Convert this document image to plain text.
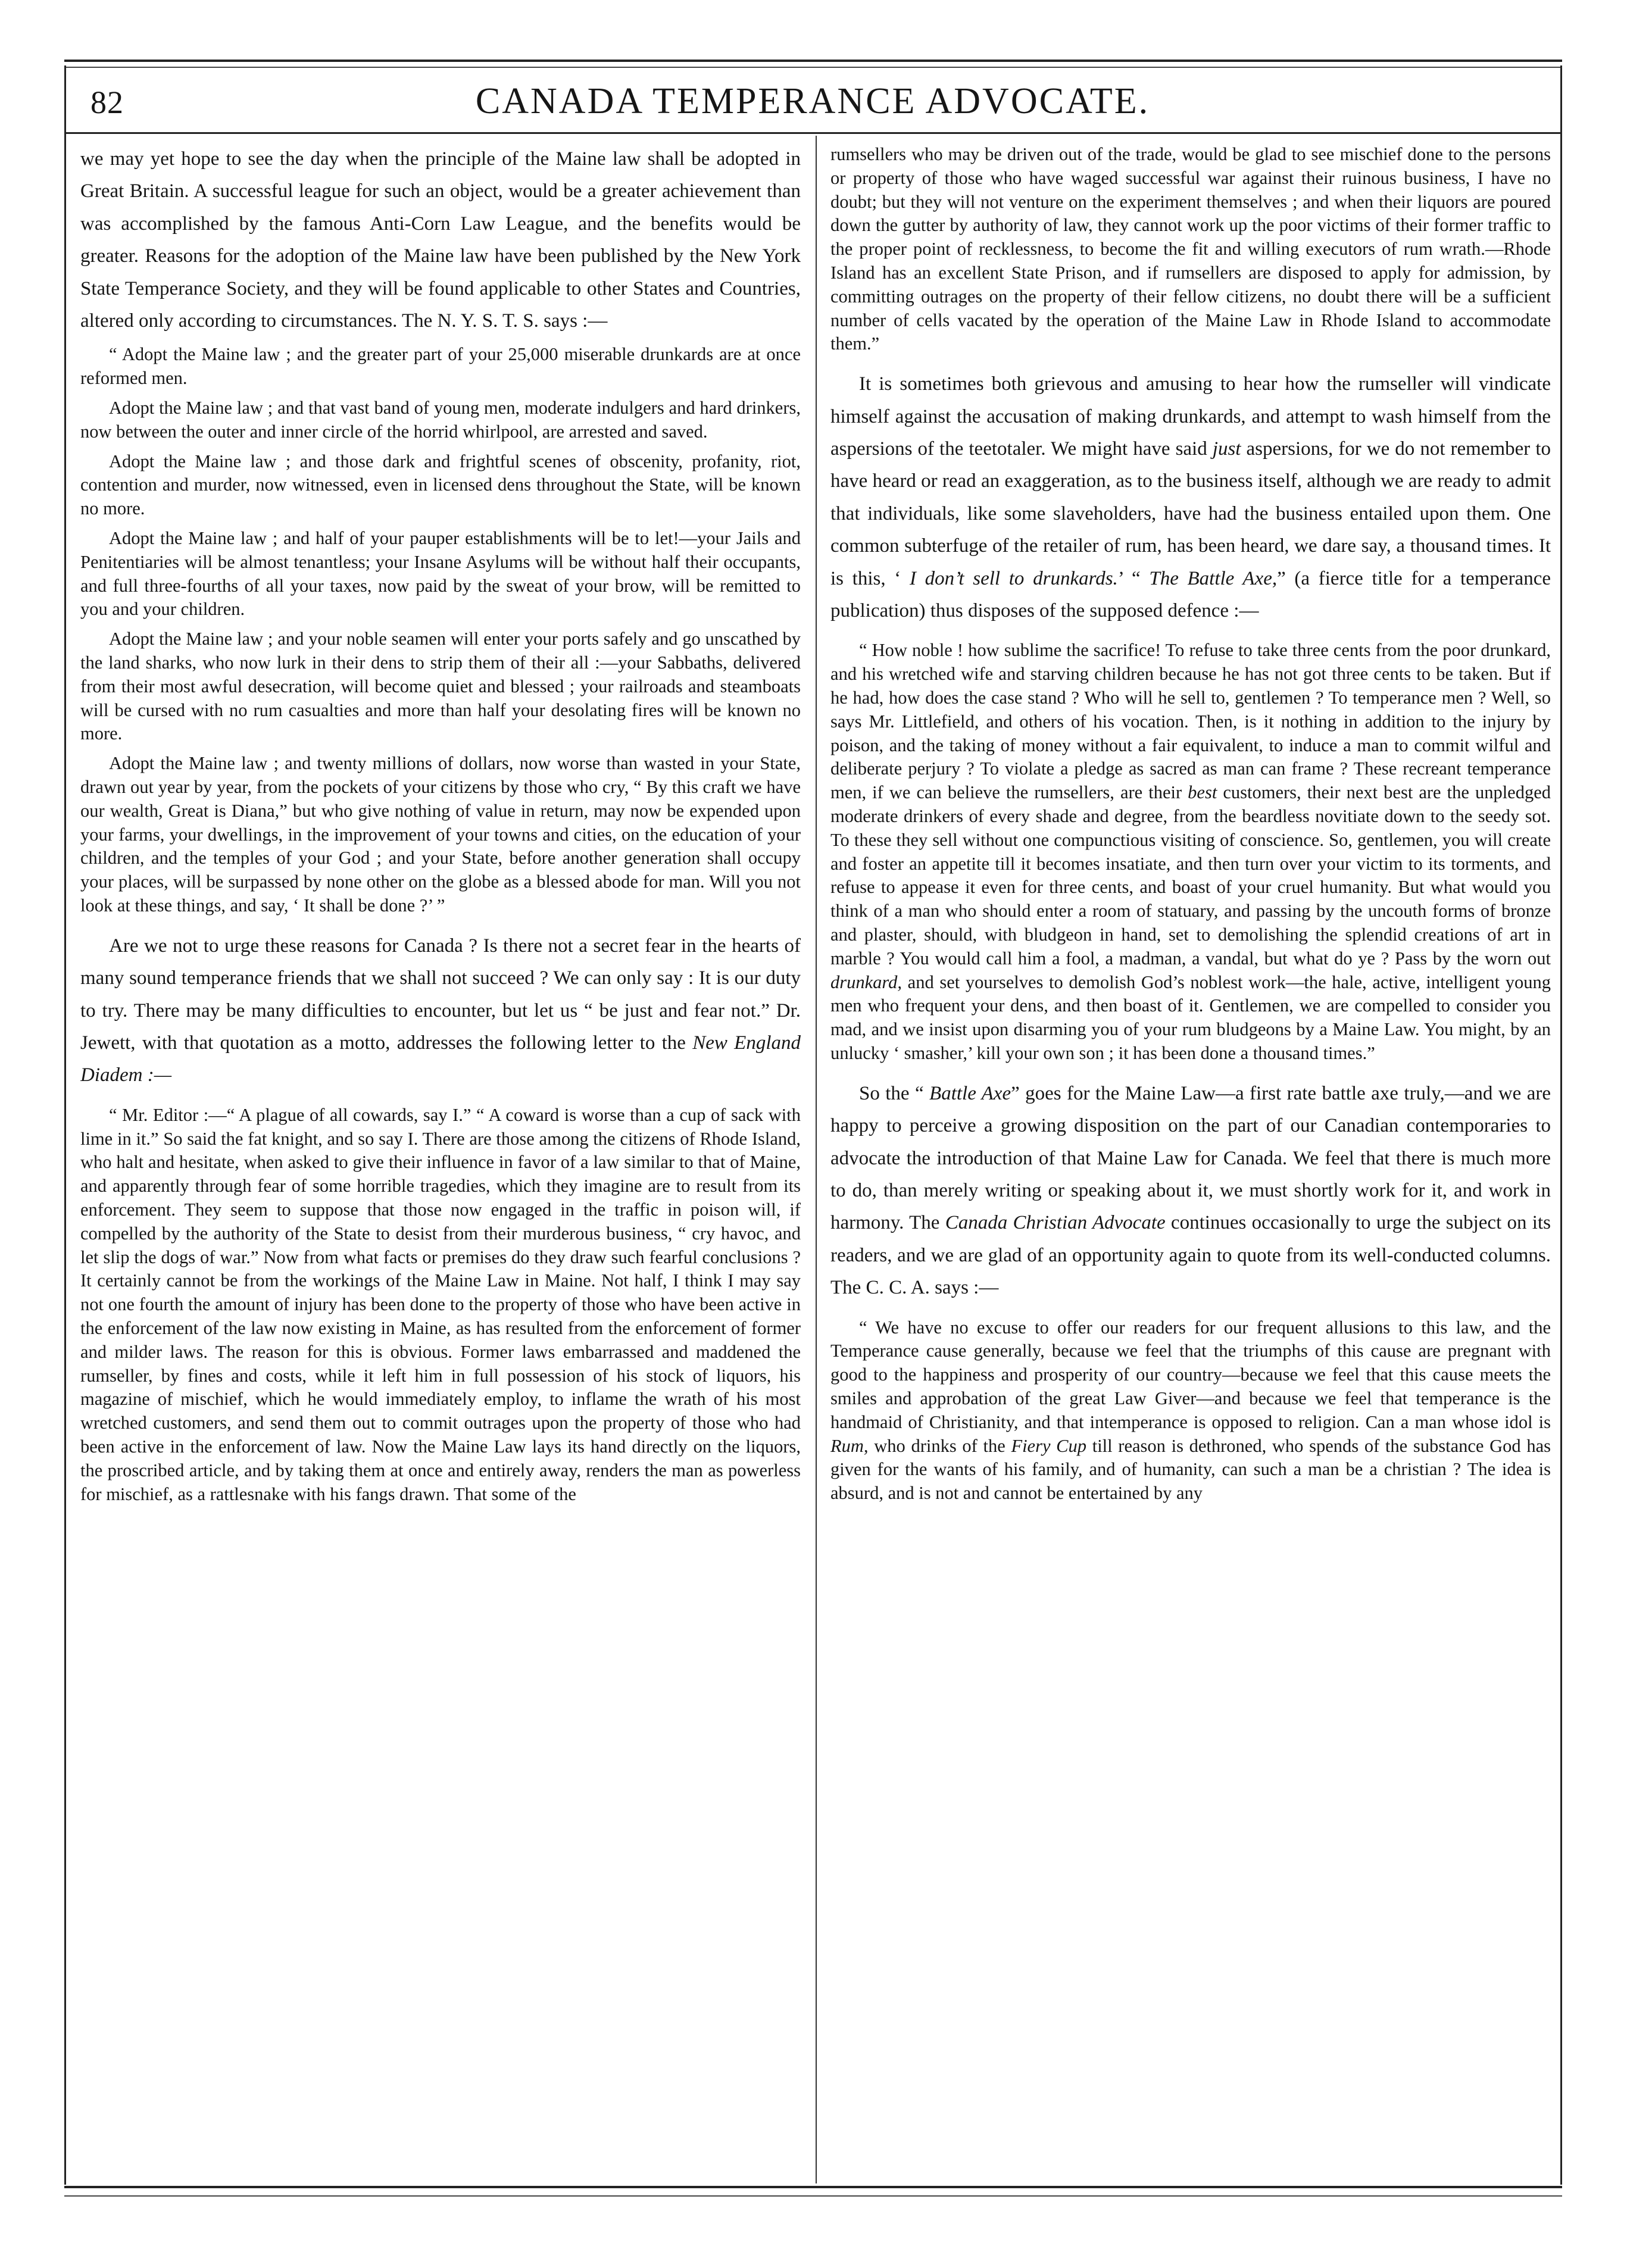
82	CANADA TEMPERANCE ADVOCATE.
we may yet hope to see the day when the principle of the Maine law shall be adopted in Great Britain. A successful league for such an object, would be a greater achievement than was accomplished by the famous Anti-Corn Law League, and the benefits would be greater. Reasons for the adoption of the Maine law have been published by the New York State Temperance Society, and they will be found applicable to other States and Countries, altered only according to circumstances. The N. Y. S. T. S. says :—
“ Adopt the Maine law ; and the greater part of your 25,000 miserable drunkards are at once reformed men.
Adopt the Maine law ; and that vast band of young men, moderate indulgers and hard drinkers, now between the outer and inner circle of the horrid whirlpool, are arrested and saved.
Adopt the Maine law ; and those dark and frightful scenes of obscenity, profanity, riot, contention and murder, now witnessed, even in licensed dens throughout the State, will be known no more.
Adopt the Maine law ; and half of your pauper establishments will be to let!—your Jails and Penitentiaries will be almost tenantless; your Insane Asylums will be without half their occupants, and full three-fourths of all your taxes, now paid by the sweat of your brow, will be remitted to you and your children.
Adopt the Maine law ; and your noble seamen will enter your ports safely and go unscathed by the land sharks, who now lurk in their dens to strip them of their all :—your Sabbaths, delivered from their most awful desecration, will become quiet and blessed ; your railroads and steamboats will be cursed with no rum casualties and more than half your desolating fires will be known no more.
Adopt the Maine law ; and twenty millions of dollars, now worse than wasted in your State, drawn out year by year, from the pockets of your citizens by those who cry, “ By this craft we have our wealth, Great is Diana,” but who give nothing of value in return, may now be expended upon your farms, your dwellings, in the improvement of your towns and cities, on the education of your children, and the temples of your God ; and your State, before another generation shall occupy your places, will be surpassed by none other on the globe as a blessed abode for man. Will you not look at these things, and say, ‘ It shall be done ?’ ”
Are we not to urge these reasons for Canada ? Is there not a secret fear in the hearts of many sound temperance friends that we shall not succeed ? We can only say : It is our duty to try. There may be many difficulties to encounter, but let us “ be just and fear not.” Dr. Jewett, with that quotation as a motto, addresses the following letter to the New England Diadem :—
“ Mr. Editor :—“ A plague of all cowards, say I.” “ A coward is worse than a cup of sack with lime in it.” So said the fat knight, and so say I. There are those among the citizens of Rhode Island, who halt and hesitate, when asked to give their influence in favor of a law similar to that of Maine, and apparently through fear of some horrible tragedies, which they imagine are to result from its enforcement. They seem to suppose that those now engaged in the traffic in poison will, if compelled by the authority of the State to desist from their murderous business, “ cry havoc, and let slip the dogs of war.” Now from what facts or premises do they draw such fearful conclusions ? It certainly cannot be from the workings of the Maine Law in Maine. Not half, I think I may say not one fourth the amount of injury has been done to the property of those who have been active in the enforcement of the law now existing in Maine, as has resulted from the enforcement of former and milder laws. The reason for this is obvious. Former laws embarrassed and maddened the rumseller, by fines and costs, while it left him in full possession of his stock of liquors, his magazine of mischief, which he would immediately employ, to inflame the wrath of his most wretched customers, and send them out to commit outrages upon the property of those who had been active in the enforcement of law. Now the Maine Law lays its hand directly on the liquors, the proscribed article, and by taking them at once and entirely away, renders the man as powerless for mischief, as a rattlesnake with his fangs drawn. That some of the
rumsellers who may be driven out of the trade, would be glad to see mischief done to the persons or property of those who have waged successful war against their ruinous business, I have no doubt; but they will not venture on the experiment themselves ; and when their liquors are poured down the gutter by authority of law, they cannot work up the poor victims of their former traffic to the proper point of recklessness, to become the fit and willing executors of rum wrath.—Rhode Island has an excellent State Prison, and if rumsellers are disposed to apply for admission, by committing outrages on the property of their fellow citizens, no doubt there will be a sufficient number of cells vacated by the operation of the Maine Law in Rhode Island to accommodate them.”
It is sometimes both grievous and amusing to hear how the rumseller will vindicate himself against the accusation of making drunkards, and attempt to wash himself from the aspersions of the teetotaler. We might have said just aspersions, for we do not remember to have heard or read an exaggeration, as to the business itself, although we are ready to admit that individuals, like some slaveholders, have had the business entailed upon them. One common subterfuge of the retailer of rum, has been heard, we dare say, a thousand times. It is this, ‘ I don’t sell to drunkards.’ “ The Battle Axe,” (a fierce title for a temperance publication) thus disposes of the supposed defence :—
“ How noble ! how sublime the sacrifice! To refuse to take three cents from the poor drunkard, and his wretched wife and starving children because he has not got three cents to be taken. But if he had, how does the case stand ? Who will he sell to, gentlemen ? To temperance men ? Well, so says Mr. Littlefield, and others of his vocation. Then, is it nothing in addition to the injury by poison, and the taking of money without a fair equivalent, to induce a man to commit wilful and deliberate perjury ? To violate a pledge as sacred as man can frame ? These recreant temperance men, if we can believe the rumsellers, are their best customers, their next best are the unpledged moderate drinkers of every shade and degree, from the beardless novitiate down to the seedy sot. To these they sell without one compunctious visiting of conscience. So, gentlemen, you will create and foster an appetite till it becomes insatiate, and then turn over your victim to its torments, and refuse to appease it even for three cents, and boast of your cruel humanity. But what would you think of a man who should enter a room of statuary, and passing by the uncouth forms of bronze and plaster, should, with bludgeon in hand, set to demolishing the splendid creations of art in marble ? You would call him a fool, a madman, a vandal, but what do ye ? Pass by the worn out drunkard, and set yourselves to demolish God’s noblest work—the hale, active, intelligent young men who frequent your dens, and then boast of it. Gentlemen, we are compelled to consider you mad, and we insist upon disarming you of your rum bludgeons by a Maine Law. You might, by an unlucky ‘ smasher,’ kill your own son ; it has been done a thousand times.”
So the “ Battle Axe” goes for the Maine Law—a first rate battle axe truly,—and we are happy to perceive a growing disposition on the part of our Canadian contemporaries to advocate the introduction of that Maine Law for Canada. We feel that there is much more to do, than merely writing or speaking about it, we must shortly work for it, and work in harmony. The Canada Christian Advocate continues occasionally to urge the subject on its readers, and we are glad of an opportunity again to quote from its well-conducted columns. The C. C. A. says :—
“ We have no excuse to offer our readers for our frequent allusions to this law, and the Temperance cause generally, because we feel that the triumphs of this cause are pregnant with good to the happiness and prosperity of our country—because we feel that this cause meets the smiles and approbation of the great Law Giver—and because we feel that temperance is the handmaid of Christianity, and that intemperance is opposed to religion. Can a man whose idol is Rum, who drinks of the Fiery Cup till reason is dethroned, who spends of the substance God has given for the wants of his family, and of humanity, can such a man be a christian ? The idea is absurd, and is not and cannot be entertained by any
